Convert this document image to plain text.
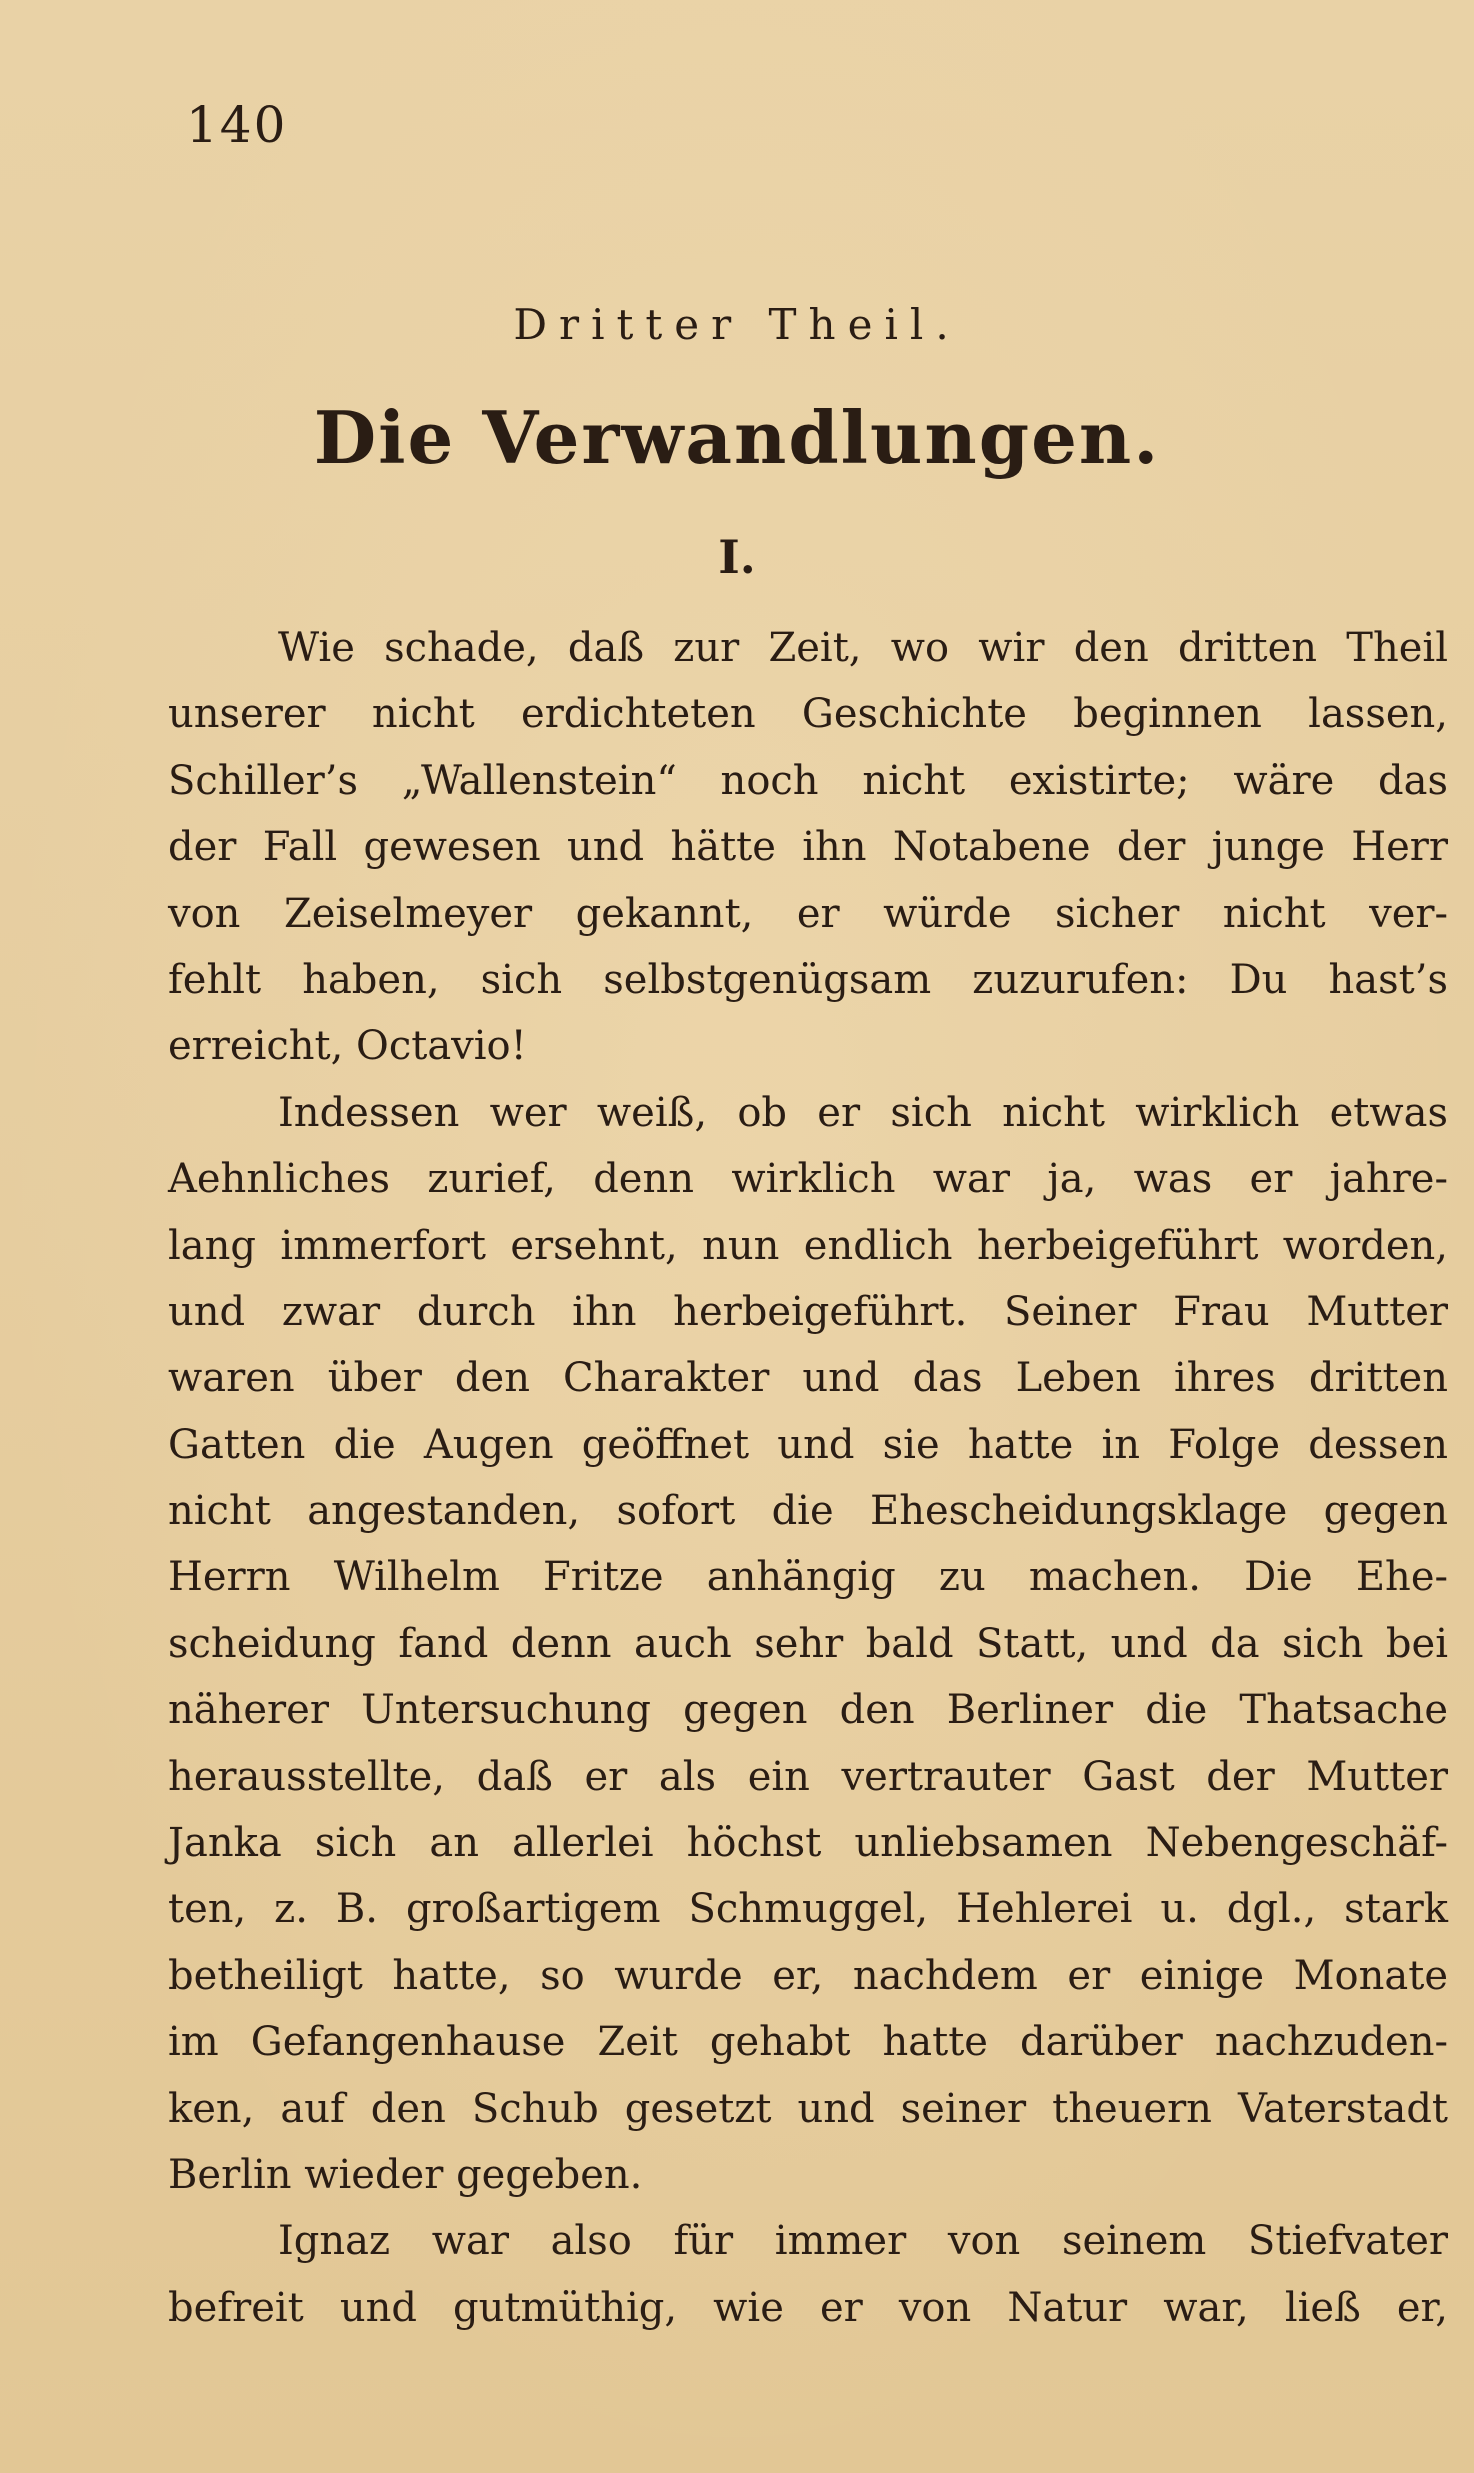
140
Dritter Theil.
Die Verwandlungen.
I.
Wie schade, daß zur Zeit, wo wir den dritten Theil
unserer nicht erdichteten Geschichte beginnen lassen,
Schiller’s „Wallenstein“ noch nicht existirte; wäre das
der Fall gewesen und hätte ihn Notabene der junge Herr
von Zeiselmeyer gekannt, er würde sicher nicht ver-
fehlt haben, sich selbstgenügsam zuzurufen: Du hast’s
erreicht, Octavio!
Indessen wer weiß, ob er sich nicht wirklich etwas
Aehnliches zurief, denn wirklich war ja, was er jahre-
lang immerfort ersehnt, nun endlich herbeigeführt worden,
und zwar durch ihn herbeigeführt. Seiner Frau Mutter
waren über den Charakter und das Leben ihres dritten
Gatten die Augen geöffnet und sie hatte in Folge dessen
nicht angestanden, sofort die Ehescheidungsklage gegen
Herrn Wilhelm Fritze anhängig zu machen. Die Ehe-
scheidung fand denn auch sehr bald Statt, und da sich bei
näherer Untersuchung gegen den Berliner die Thatsache
herausstellte, daß er als ein vertrauter Gast der Mutter
Janka sich an allerlei höchst unliebsamen Nebengeschäf-
ten, z. B. großartigem Schmuggel, Hehlerei u. dgl., stark
betheiligt hatte, so wurde er, nachdem er einige Monate
im Gefangenhause Zeit gehabt hatte darüber nachzuden-
ken, auf den Schub gesetzt und seiner theuern Vaterstadt
Berlin wieder gegeben.
Ignaz war also für immer von seinem Stiefvater
befreit und gutmüthig, wie er von Natur war, ließ er,
